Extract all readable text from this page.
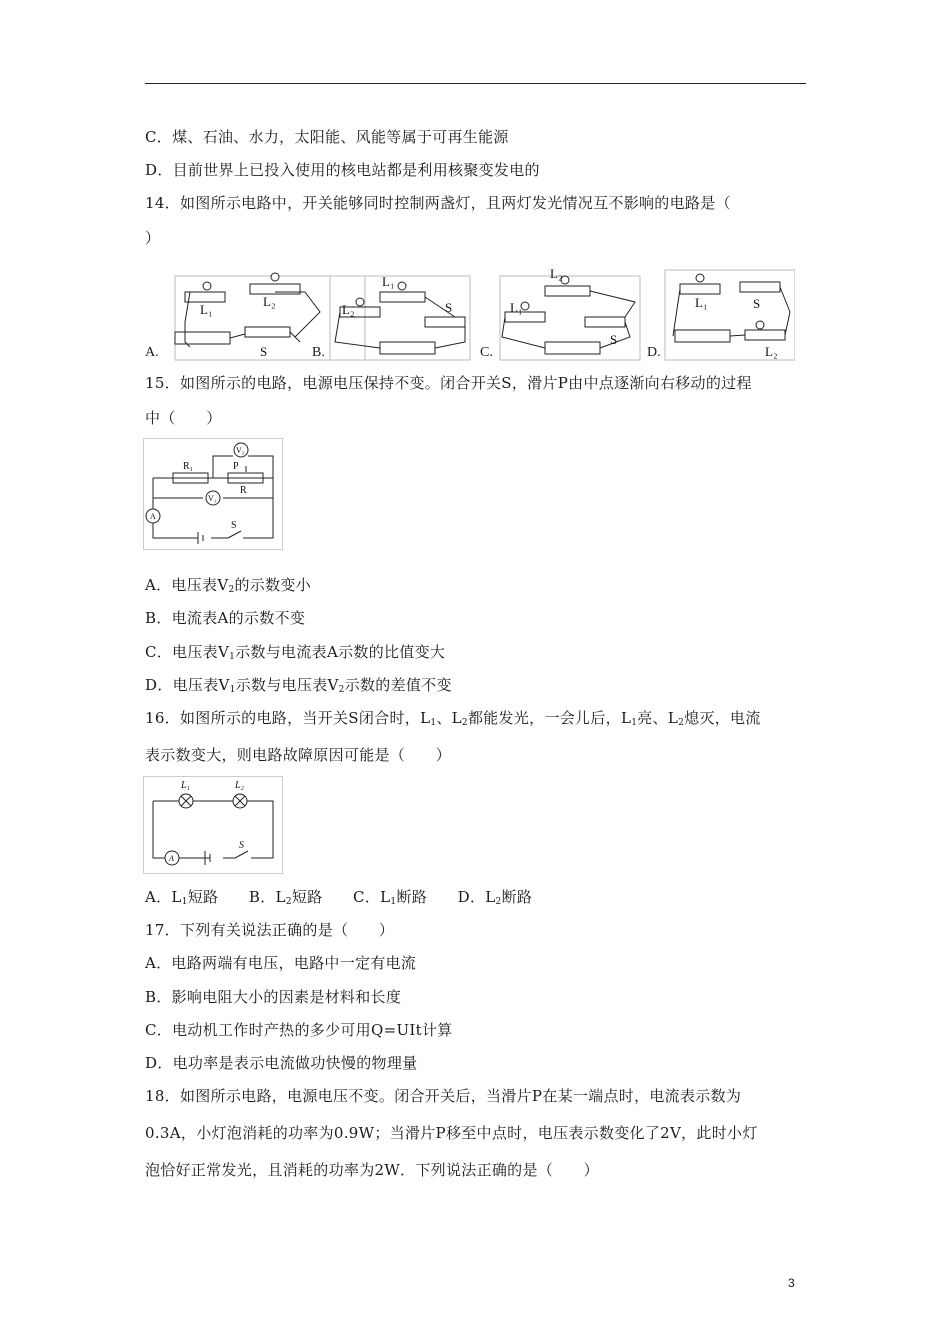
C．煤、石油、水力，太阳能、风能等属于可再生能源
D．目前世界上已投入使用的核电站都是利用核聚变发电的
14．如图所示电路中，开关能够同时控制两盏灯，且两灯发光情况互不影响的电路是（
）
L₁
L₂
S
L₁
L₂	S
L₂
L₁
S
L₁	S
L₂
A.	B.	C.	D.
15．如图所示的电路，电源电压保持不变。闭合开关S，滑片P由中点逐渐向右移动的过程
中（　　）
R₁	P
R
V₂
V₁
A
S
A．电压表$V_2$的示数变小
B．电流表A的示数不变
C．电压表$V_1$示数与电流表A示数的比值变大
D．电压表$V_1$示数与电压表$V_2$示数的差值不变
16．如图所示的电路，当开关S闭合时，$L_1$、$L_2$都能发光，一会儿后，$L_1$亮、$L_2$熄灭，电流
表示数变大，则电路故障原因可能是（　　）
L₁	L₂
A
S
A．$L_1$短路　　B．$L_2$短路　　C．$L_1$断路　　D．$L_2$断路
17．下列有关说法正确的是（　　）
A．电路两端有电压，电路中一定有电流
B．影响电阻大小的因素是材料和长度
C．电动机工作时产热的多少可用Q=UIt计算
D．电功率是表示电流做功快慢的物理量
18．如图所示电路，电源电压不变。闭合开关后，当滑片P在某一端点时，电流表示数为
0.3A，小灯泡消耗的功率为0.9W；当滑片P移至中点时，电压表示数变化了2V，此时小灯
泡恰好正常发光，且消耗的功率为2W．下列说法正确的是（　　）
3
